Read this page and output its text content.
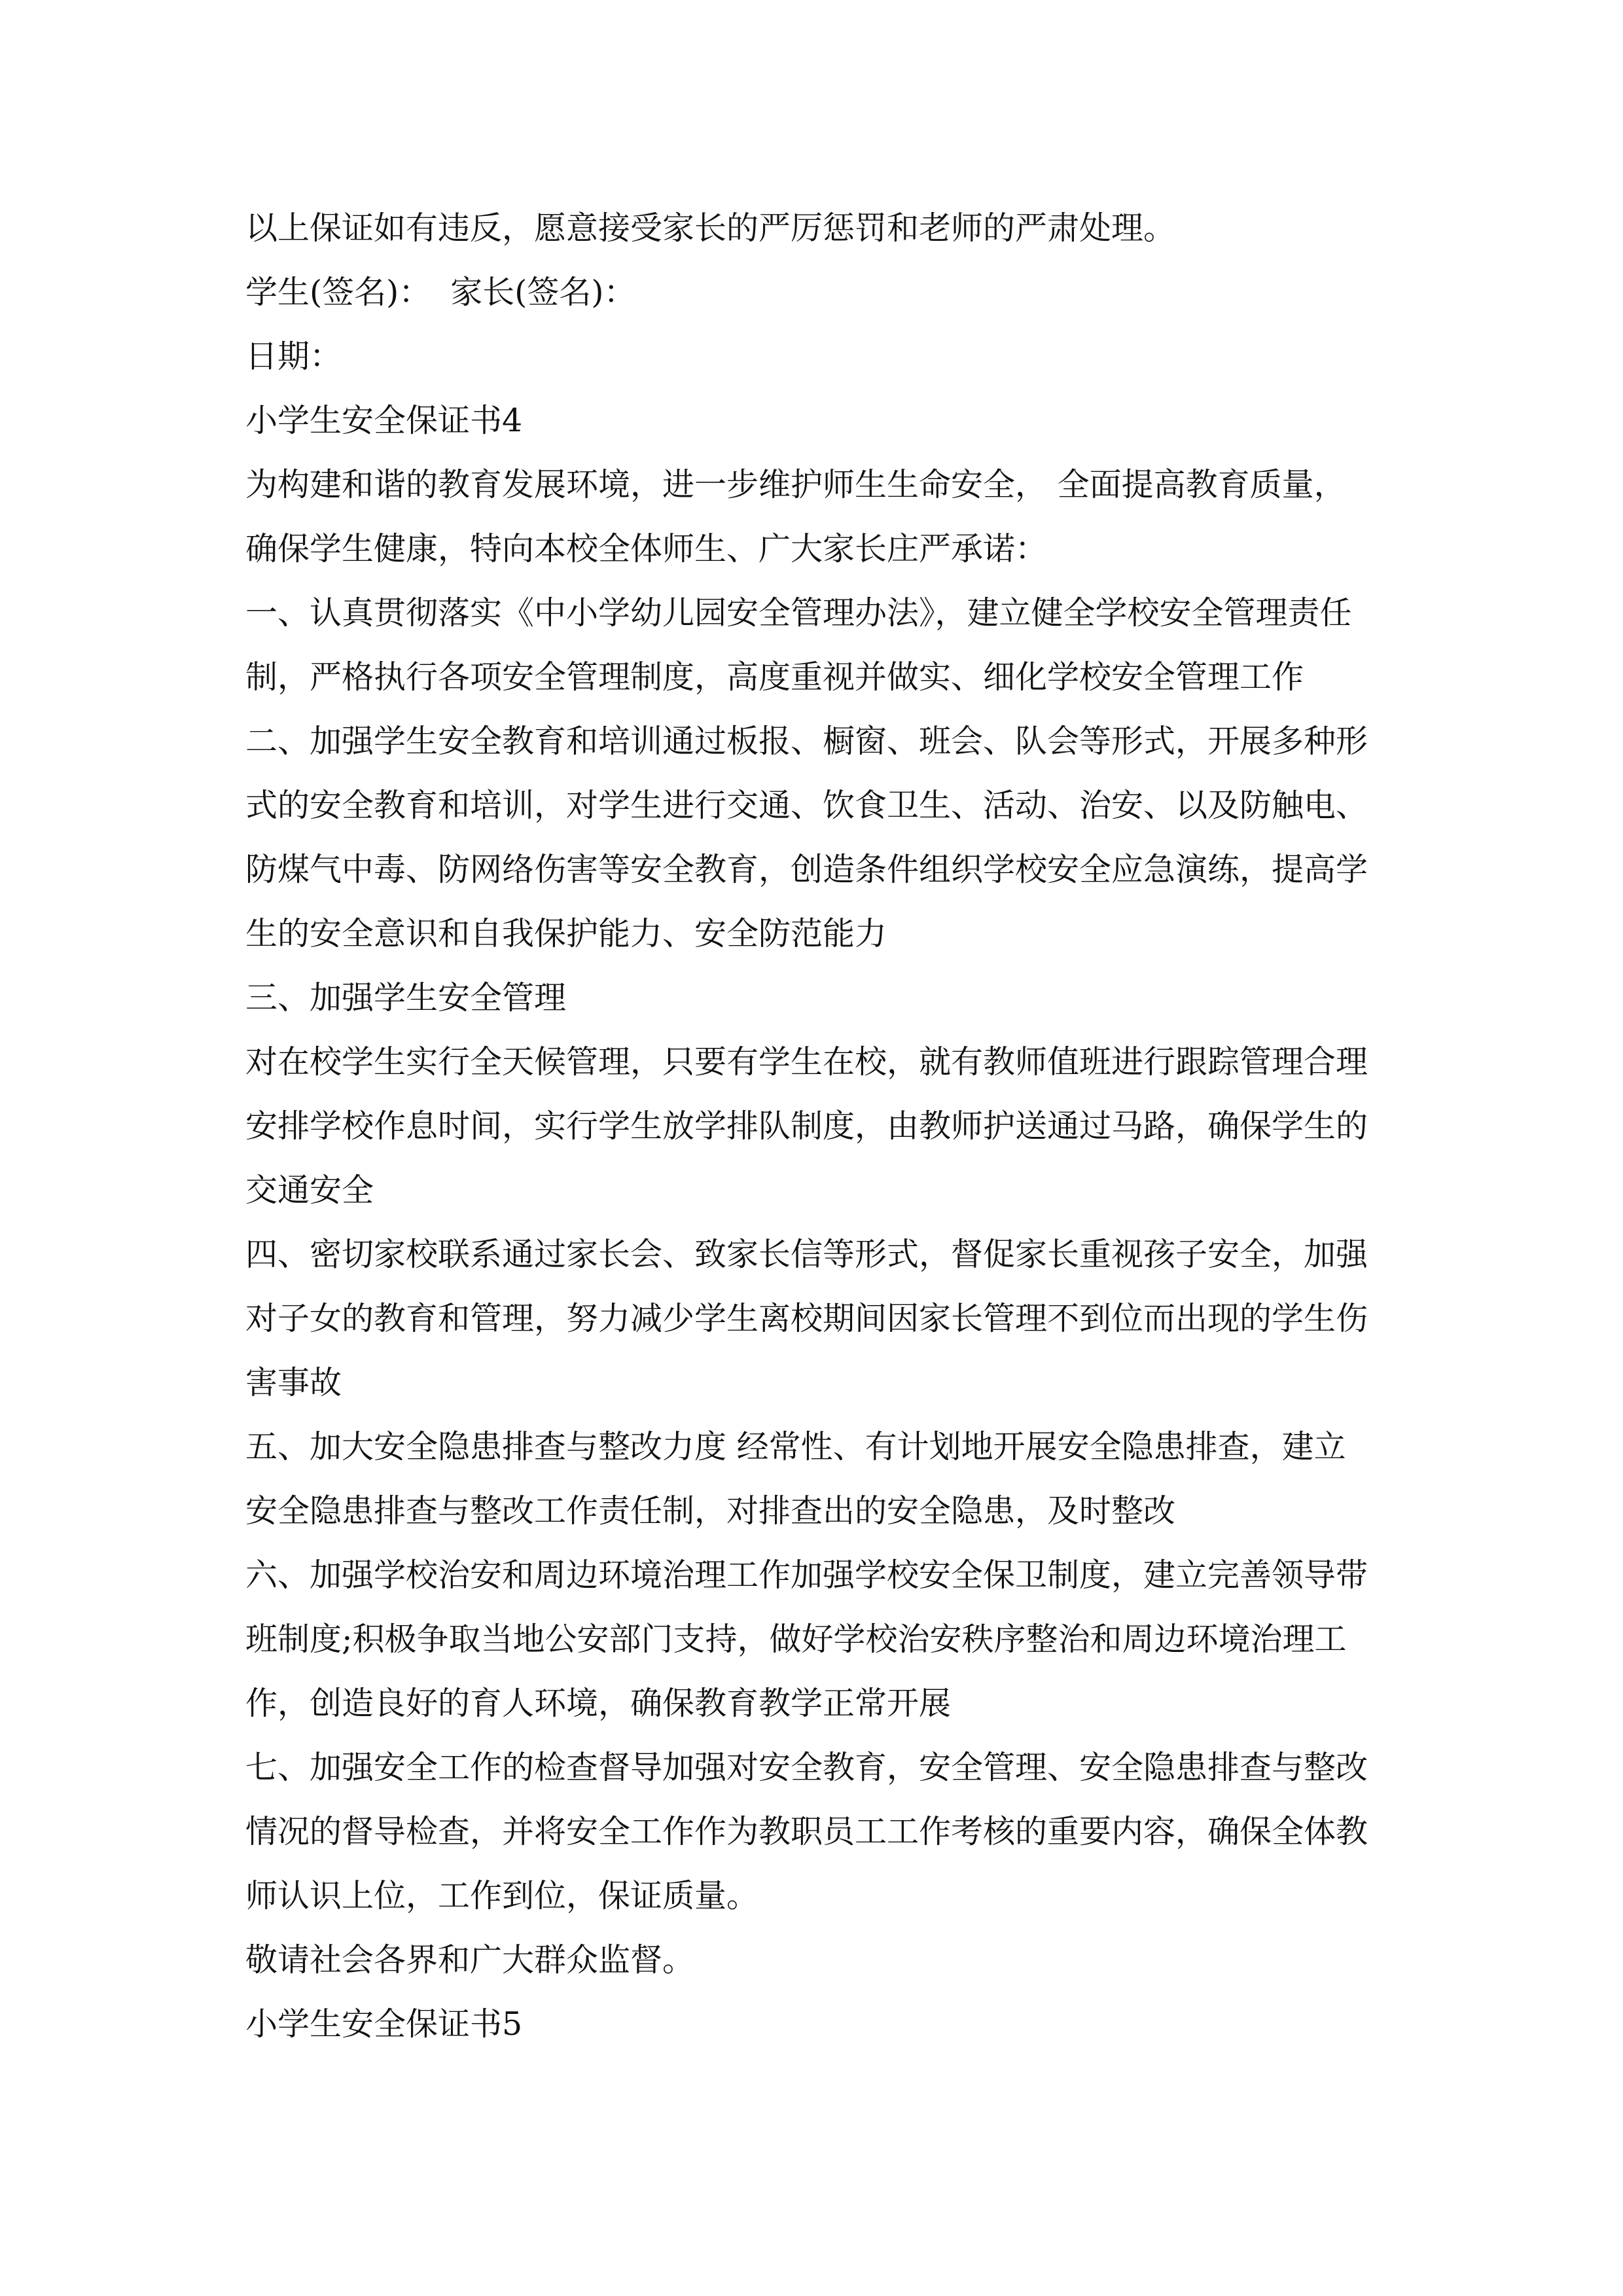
以上保证如有违反，愿意接受家长的严厉惩罚和老师的严肃处理。

学生(签名)： 家长(签名)：

日期：

小学生安全保证书4

为构建和谐的教育发展环境，进一步维护师生生命安全， 全面提高教育质量，

确保学生健康，特向本校全体师生、广大家长庄严承诺：

一、认真贯彻落实《中小学幼儿园安全管理办法》，建立健全学校安全管理责任

制，严格执行各项安全管理制度，高度重视并做实、细化学校安全管理工作

二、加强学生安全教育和培训通过板报、橱窗、班会、队会等形式，开展多种形

式的安全教育和培训，对学生进行交通、饮食卫生、活动、治安、以及防触电、

防煤气中毒、防网络伤害等安全教育，创造条件组织学校安全应急演练，提高学

生的安全意识和自我保护能力、安全防范能力

三、加强学生安全管理

对在校学生实行全天候管理，只要有学生在校，就有教师值班进行跟踪管理合理

安排学校作息时间，实行学生放学排队制度，由教师护送通过马路，确保学生的

交通安全

四、密切家校联系通过家长会、致家长信等形式，督促家长重视孩子安全，加强

对子女的教育和管理，努力减少学生离校期间因家长管理不到位而出现的学生伤

害事故

五、加大安全隐患排查与整改力度 经常性、有计划地开展安全隐患排查，建立

安全隐患排查与整改工作责任制，对排查出的安全隐患，及时整改

六、加强学校治安和周边环境治理工作加强学校安全保卫制度，建立完善领导带

班制度;积极争取当地公安部门支持，做好学校治安秩序整治和周边环境治理工

作，创造良好的育人环境，确保教育教学正常开展

七、加强安全工作的检查督导加强对安全教育，安全管理、安全隐患排查与整改

情况的督导检查，并将安全工作作为教职员工工作考核的重要内容，确保全体教

师认识上位，工作到位，保证质量。

敬请社会各界和广大群众监督。

小学生安全保证书5
